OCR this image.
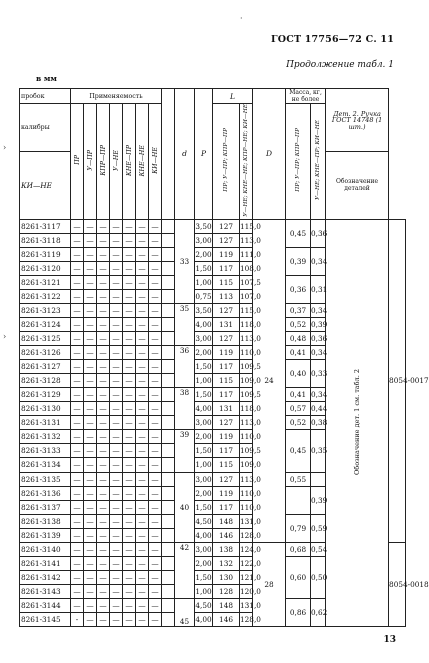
ГОСТ 17756—72 С. 11
Продолжение табл. 1
в мм
·
›
›
пробок	Применяемость								d	P	L		D	Масса, кг, не более		Дет. 2. Ручка ГОСТ 14748 (1 шт.)	

калибры	ПР	У—ПР	КПР—ПР	У—НЕ	КНЕ—ПР	КНЕ—НЕ	КИ—НЕ				ПР; У—ПР; КПР—ПР	У—НЕ; КНЕ—НЕ; КПР—НЕ; КИ—НЕ		ПР; У—ПР; КПР—ПР	У—НЕ; КНЕ—ПР; КИ—НЕ		
КИ—НЕ																Обозначение деталей	
8261-3117	—	—	—	—	—	—	—		33	3,50	127	115,0	24	0,45	0,36	Обозначение дет. 1 см. табл. 2	8054-0017
8261-3118	—	—	—	—	—	—	—			3,00	127	113,0					
8261-3119	—	—	—	—	—	—	—			2,00	119	111,0		0,39	0,34		
8261-3120	—	—	—	—	—	—	—			1,50	117	108,0					
8261-3121	—	—	—	—	—	—	—			1,00	115	107,5		0,36	0,31		
8261-3122	—	—	—	—	—	—	—			0,75	113	107,0					
8261-3123	—	—	—	—	—	—	—		35	3,50	127	115,0		0,37	0,34		
8261-3124	—	—	—	—	—	—	—			4,00	131	118,0		0,52	0,39		
8261-3125	—	—	—	—	—	—	—			3,00	127	113,0		0,48	0,36		
8261-3126	—	—	—	—	—	—	—		36	2,00	119	110,0		0,41	0,34		
8261-3127	—	—	—	—	—	—	—			1,50	117	109,5		0,40	0,33		
8261-3128	—	—	—	—	—	—	—			1,00	115	109,0					
8261-3129	—	—	—	—	—	—	—		38	1,50	117	109,5		0,41	0,34		
8261-3130	—	—	—	—	—	—	—			4,00	131	118,0		0,57	0,44		
8261-3131	—	—	—	—	—	—	—			3,00	127	113,0		0,52	0,38		
8261-3132	—	—	—	—	—	—	—		39	2,00	119	110,0		0,45	0,35		
8261-3133	—	—	—	—	—	—	—			1,50	117	109,5					
8261-3134	—	—	—	—	—	—	—			1,00	115	109,0					
8261-3135	—	—	—	—	—	—	—		40	3,00	127	113,0		0,55			
8261-3136	—	—	—	—	—	—	—			2,00	119	110,0			0,39		
8261-3137	—	—	—	—	—	—	—			1,50	117	110,0					
8261-3138	—	—	—	—	—	—	—			4,50	148	131,0		0,79	0,59		
8261-3139	—	—	—	—	—	—	—			4,00	146	128,0					
8261-3140	—	—	—	—	—	—	—		42	3,00	138	124,0	28	0,68	0,54		8054-0018
8261-3141	—	—	—	—	—	—	—			2,00	132	122,0		0,60	0,50		
8261-3142	—	—	—	—	—	—	—			1,50	130	121,0					
8261-3143	—	—	—	—	—	—	—			1,00	128	120,0					
8261-3144	—	—	—	—	—	—	—		45	4,50	148	131,0		0,86	0,62		
8261-3145	-	—	—	—	—	—	—			4,00	146	128,0					
13
